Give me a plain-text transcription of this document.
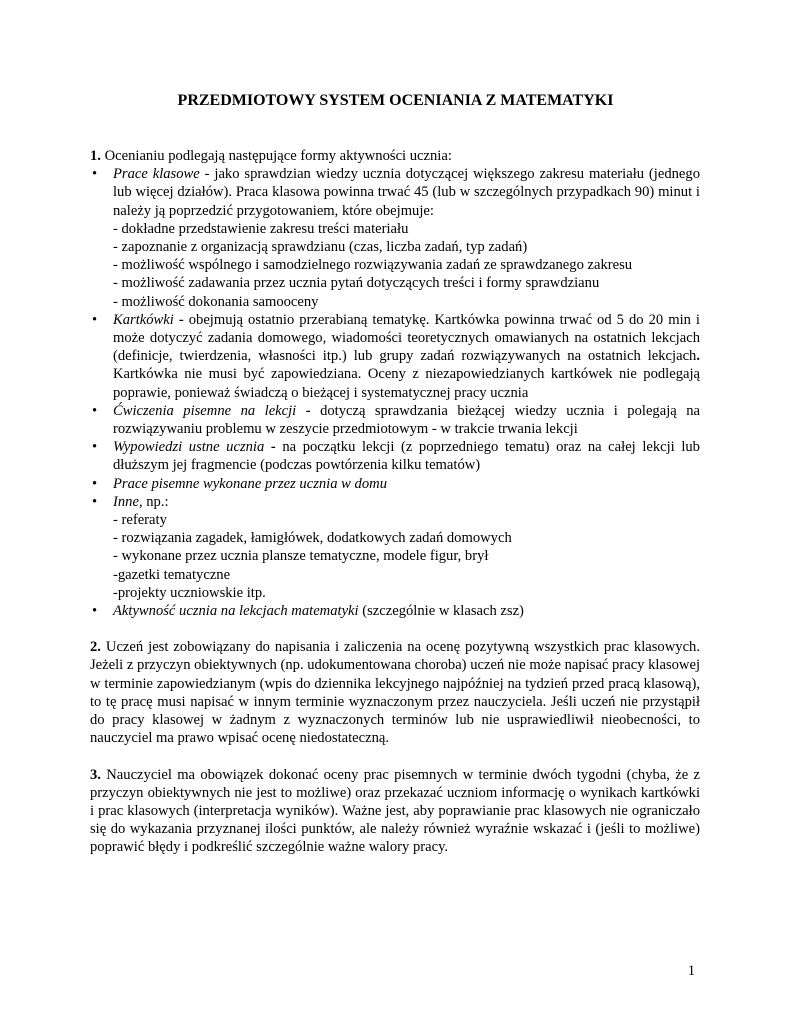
PRZEDMIOTOWY SYSTEM OCENIANIA Z MATEMATYKI

1. Ocenianiu podlegają następujące formy aktywności ucznia:

• Prace klasowe - jako sprawdzian wiedzy ucznia dotyczącej większego zakresu materiału (jednego lub więcej działów). Praca klasowa powinna trwać 45 (lub w szczególnych przypadkach 90) minut i należy ją poprzedzić przygotowaniem, które obejmuje:
- dokładne przedstawienie zakresu treści materiału
- zapoznanie z organizacją sprawdzianu (czas, liczba zadań, typ zadań)
- możliwość wspólnego i samodzielnego rozwiązywania zadań ze sprawdzanego zakresu
- możliwość zadawania przez ucznia pytań dotyczących treści i formy sprawdzianu
- możliwość dokonania samooceny
• Kartkówki - obejmują ostatnio przerabianą tematykę. Kartkówka powinna trwać od 5 do 20 min i może dotyczyć zadania domowego, wiadomości teoretycznych omawianych na ostatnich lekcjach (definicje, twierdzenia, własności itp.) lub grupy zadań rozwiązywanych na ostatnich lekcjach. Kartkówka nie musi być zapowiedziana. Oceny z niezapowiedzianych kartkówek nie podlegają poprawie, ponieważ świadczą o bieżącej i systematycznej pracy ucznia
• Ćwiczenia pisemne na lekcji - dotyczą sprawdzania bieżącej wiedzy ucznia i polegają na rozwiązywaniu problemu w zeszycie przedmiotowym - w trakcie trwania lekcji
• Wypowiedzi ustne ucznia - na początku lekcji (z poprzedniego tematu) oraz na całej lekcji lub dłuższym jej fragmencie (podczas powtórzenia kilku tematów)
• Prace pisemne wykonane przez ucznia w domu
• Inne, np.:
- referaty
- rozwiązania zagadek, łamigłówek, dodatkowych zadań domowych
- wykonane przez ucznia plansze tematyczne, modele figur, brył
-gazetki tematyczne
-projekty uczniowskie itp.
• Aktywność ucznia na lekcjach matematyki (szczególnie w klasach zsz)

2. Uczeń jest zobowiązany do napisania i zaliczenia na ocenę pozytywną wszystkich prac klasowych. Jeżeli z przyczyn obiektywnych (np. udokumentowana choroba) uczeń nie może napisać pracy klasowej w terminie zapowiedzianym (wpis do dziennika lekcyjnego najpóźniej na tydzień przed pracą klasową), to tę pracę musi napisać w innym terminie wyznaczonym przez nauczyciela. Jeśli uczeń nie przystąpił do pracy klasowej w żadnym z wyznaczonych terminów lub nie usprawiedliwił nieobecności, to nauczyciel ma prawo wpisać ocenę niedostateczną.

3. Nauczyciel ma obowiązek dokonać oceny prac pisemnych w terminie dwóch tygodni (chyba, że z przyczyn obiektywnych nie jest to możliwe) oraz przekazać uczniom informację o wynikach kartkówki i prac klasowych (interpretacja wyników). Ważne jest, aby poprawianie prac klasowych nie ograniczało się do wykazania przyznanej ilości punktów, ale należy również wyraźnie wskazać i (jeśli to możliwe) poprawić błędy i podkreślić szczególnie ważne walory pracy.

1
